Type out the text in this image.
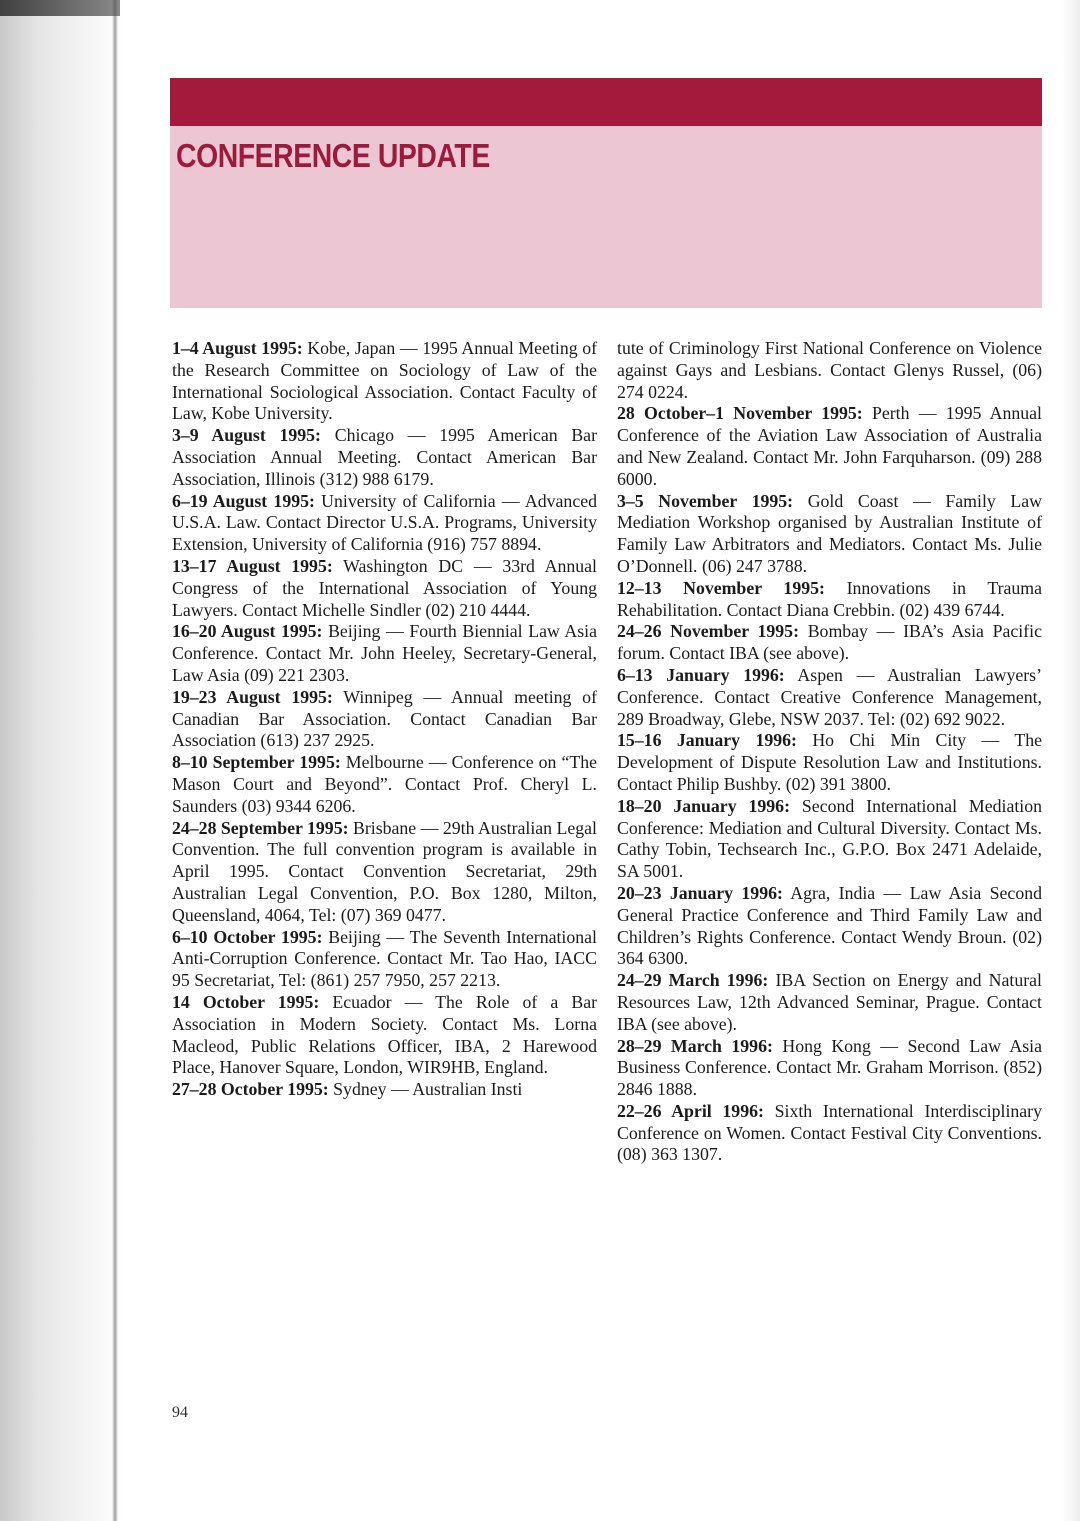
CONFERENCE UPDATE

1–4 August 1995: Kobe, Japan — 1995 Annual Meeting of the Research Committee on Sociology of Law of the International Sociological Association. Contact Faculty of Law, Kobe University.

3–9 August 1995: Chicago — 1995 American Bar Association Annual Meeting. Contact American Bar Association, Illinois (312) 988 6179.

6–19 August 1995: University of California — Advanced U.S.A. Law. Contact Director U.S.A. Programs, University Extension, University of California (916) 757 8894.

13–17 August 1995: Washington DC — 33rd Annual Congress of the International Association of Young Lawyers. Contact Michelle Sindler (02) 210 4444.

16–20 August 1995: Beijing — Fourth Biennial Law Asia Conference. Contact Mr. John Heeley, Secretary-General, Law Asia (09) 221 2303.

19–23 August 1995: Winnipeg — Annual meeting of Canadian Bar Association. Contact Canadian Bar Association (613) 237 2925.

8–10 September 1995: Melbourne — Conference on “The Mason Court and Beyond”. Contact Prof. Cheryl L. Saunders (03) 9344 6206.

24–28 September 1995: Brisbane — 29th Australian Legal Convention. The full convention program is available in April 1995. Contact Convention Secretariat, 29th Australian Legal Convention, P.O. Box 1280, Milton, Queensland, 4064, Tel: (07) 369 0477.

6–10 October 1995: Beijing — The Seventh International Anti-Corruption Conference. Contact Mr. Tao Hao, IACC 95 Secretariat, Tel: (861) 257 7950, 257 2213.

14 October 1995: Ecuador — The Role of a Bar Association in Modern Society. Contact Ms. Lorna Macleod, Public Relations Officer, IBA, 2 Harewood Place, Hanover Square, London, WIR9HB, England.

27–28 October 1995: Sydney — Australian Insti

tute of Criminology First National Conference on Violence against Gays and Lesbians. Contact Glenys Russel, (06) 274 0224.

28 October–1 November 1995: Perth — 1995 Annual Conference of the Aviation Law Association of Australia and New Zealand. Contact Mr. John Farquharson. (09) 288 6000.

3–5 November 1995: Gold Coast — Family Law Mediation Workshop organised by Australian Institute of Family Law Arbitrators and Mediators. Contact Ms. Julie O’Donnell. (06) 247 3788.

12–13 November 1995: Innovations in Trauma Rehabilitation. Contact Diana Crebbin. (02) 439 6744.

24–26 November 1995: Bombay — IBA’s Asia Pacific forum. Contact IBA (see above).

6–13 January 1996: Aspen — Australian Lawyers’ Conference. Contact Creative Conference Management, 289 Broadway, Glebe, NSW 2037. Tel: (02) 692 9022.

15–16 January 1996: Ho Chi Min City — The Development of Dispute Resolution Law and Institutions. Contact Philip Bushby. (02) 391 3800.

18–20 January 1996: Second International Mediation Conference: Mediation and Cultural Diversity. Contact Ms. Cathy Tobin, Techsearch Inc., G.P.O. Box 2471 Adelaide, SA 5001.

20–23 January 1996: Agra, India — Law Asia Second General Practice Conference and Third Family Law and Children’s Rights Conference. Contact Wendy Broun. (02) 364 6300.

24–29 March 1996: IBA Section on Energy and Natural Resources Law, 12th Advanced Seminar, Prague. Contact IBA (see above).

28–29 March 1996: Hong Kong — Second Law Asia Business Conference. Contact Mr. Graham Morrison. (852) 2846 1888.

22–26 April 1996: Sixth International Interdisciplinary Conference on Women. Contact Festival City Conventions. (08) 363 1307.

94
